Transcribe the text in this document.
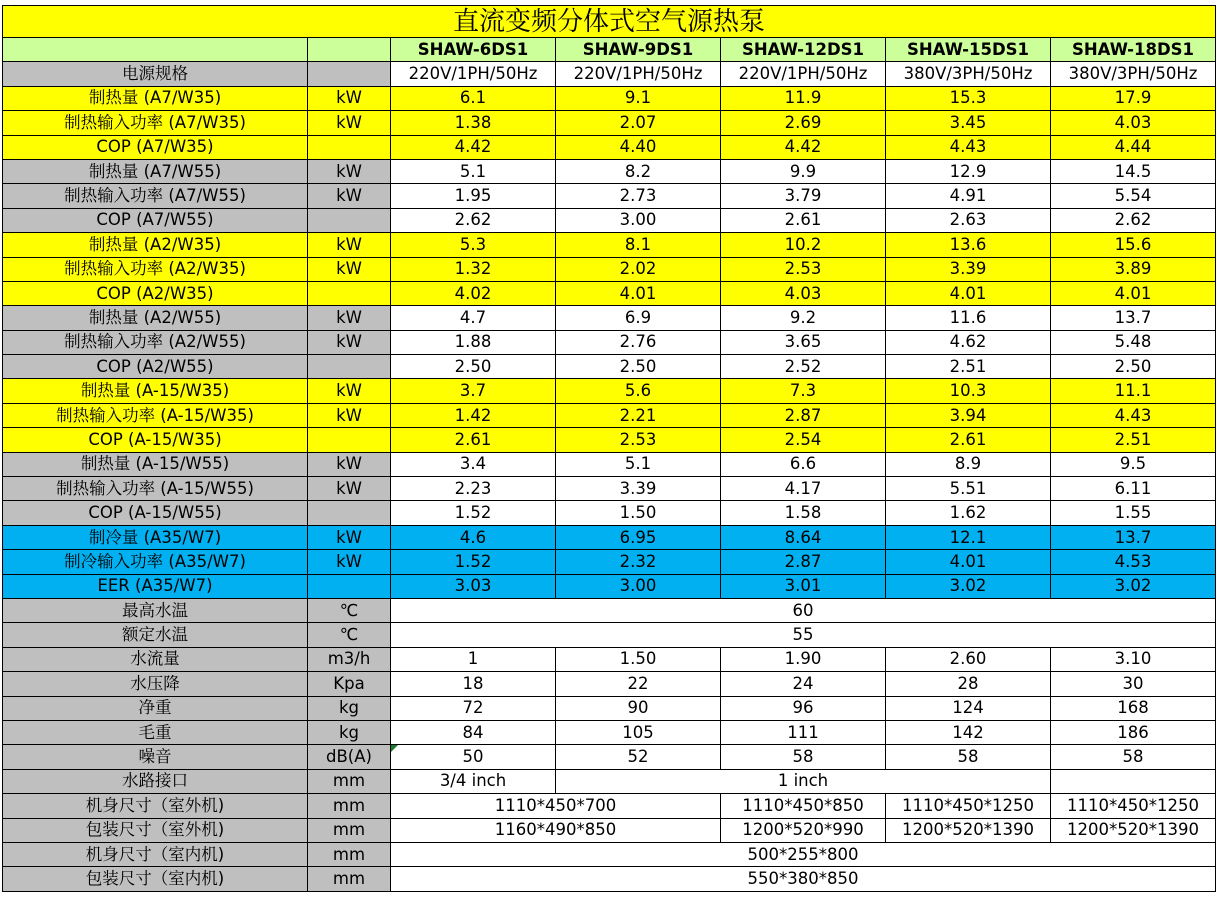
直流变频分体式空气源热泵						
		SHAW-6DS1	SHAW-9DS1	SHAW-12DS1	SHAW-15DS1	SHAW-18DS1
电源规格		220V/1PH/50Hz	220V/1PH/50Hz	220V/1PH/50Hz	380V/3PH/50Hz	380V/3PH/50Hz
制热量 (A7/W35)	kW	6.1	9.1	11.9	15.3	17.9
制热输入功率 (A7/W35)	kW	1.38	2.07	2.69	3.45	4.03
COP (A7/W35)		4.42	4.40	4.42	4.43	4.44
制热量 (A7/W55)	kW	5.1	8.2	9.9	12.9	14.5
制热输入功率 (A7/W55)	kW	1.95	2.73	3.79	4.91	5.54
COP (A7/W55)		2.62	3.00	2.61	2.63	2.62
制热量 (A2/W35)	kW	5.3	8.1	10.2	13.6	15.6
制热输入功率 (A2/W35)	kW	1.32	2.02	2.53	3.39	3.89
COP (A2/W35)		4.02	4.01	4.03	4.01	4.01
制热量 (A2/W55)	kW	4.7	6.9	9.2	11.6	13.7
制热输入功率 (A2/W55)	kW	1.88	2.76	3.65	4.62	5.48
COP (A2/W55)		2.50	2.50	2.52	2.51	2.50
制热量 (A-15/W35)	kW	3.7	5.6	7.3	10.3	11.1
制热输入功率 (A-15/W35)	kW	1.42	2.21	2.87	3.94	4.43
COP (A-15/W35)		2.61	2.53	2.54	2.61	2.51
制热量 (A-15/W55)	kW	3.4	5.1	6.6	8.9	9.5
制热输入功率 (A-15/W55)	kW	2.23	3.39	4.17	5.51	6.11
COP (A-15/W55)		1.52	1.50	1.58	1.62	1.55
制冷量 (A35/W7)	kW	4.6	6.95	8.64	12.1	13.7
制冷输入功率 (A35/W7)	kW	1.52	2.32	2.87	4.01	4.53
EER (A35/W7)		3.03	3.00	3.01	3.02	3.02
最高水温	℃	60				
额定水温	℃	55				
水流量	m3/h	1	1.50	1.90	2.60	3.10
水压降	Kpa	18	22	24	28	30
净重	kg	72	90	96	124	168
毛重	kg	84	105	111	142	186
噪音	dB(A)	50	52	58	58	58
水路接口	mm	3/4 inch	1 inch			
机身尺寸（室外机)	mm	1110*450*700		1110*450*850	1110*450*1250	1110*450*1250
包装尺寸（室外机)	mm	1160*490*850		1200*520*990	1200*520*1390	1200*520*1390
机身尺寸（室内机)	mm	500*255*800				
包装尺寸（室内机)	mm	550*380*850				
